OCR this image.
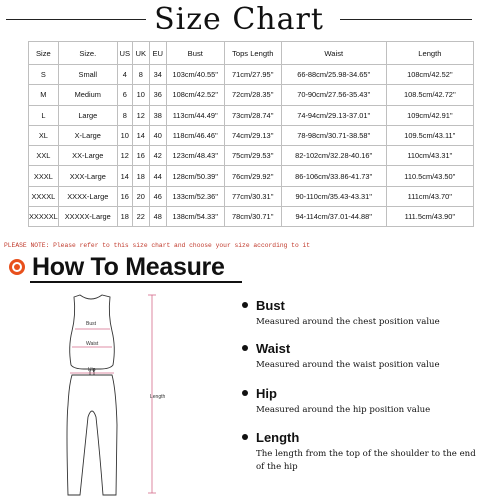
Size Chart
Size	Size.	US	UK	EU	Bust	Tops Length	Waist	Length
S	Small	4	8	34	103cm/40.55''	71cm/27.95''	66-88cm/25.98-34.65''	108cm/42.52''
M	Medium	6	10	36	108cm/42.52''	72cm/28.35''	70-90cm/27.56-35.43''	108.5cm/42.72''
L	Large	8	12	38	113cm/44.49''	73cm/28.74''	74-94cm/29.13-37.01''	109cm/42.91''
XL	X-Large	10	14	40	118cm/46.46''	74cm/29.13''	78-98cm/30.71-38.58''	109.5cm/43.11''
XXL	XX-Large	12	16	42	123cm/48.43''	75cm/29.53''	82-102cm/32.28-40.16''	110cm/43.31''
XXXL	XXX-Large	14	18	44	128cm/50.39''	76cm/29.92''	86-106cm/33.86-41.73''	110.5cm/43.50''
XXXXL	XXXX-Large	16	20	46	133cm/52.36''	77cm/30.31''	90-110cm/35.43-43.31''	111cm/43.70''
XXXXXL	XXXXX-Large	18	22	48	138cm/54.33''	78cm/30.71''	94-114cm/37.01-44.88''	111.5cm/43.90''
PLEASE NOTE: Please refer to this size chart and choose your size according to it
How To Measure
Bust
Waist
Hip
Length
Bust
Measured around the chest position value
Waist
Measured around the waist position value
Hip
Measured around the hip position value
Length
The length from the top of the shoulder to the end of the hip
